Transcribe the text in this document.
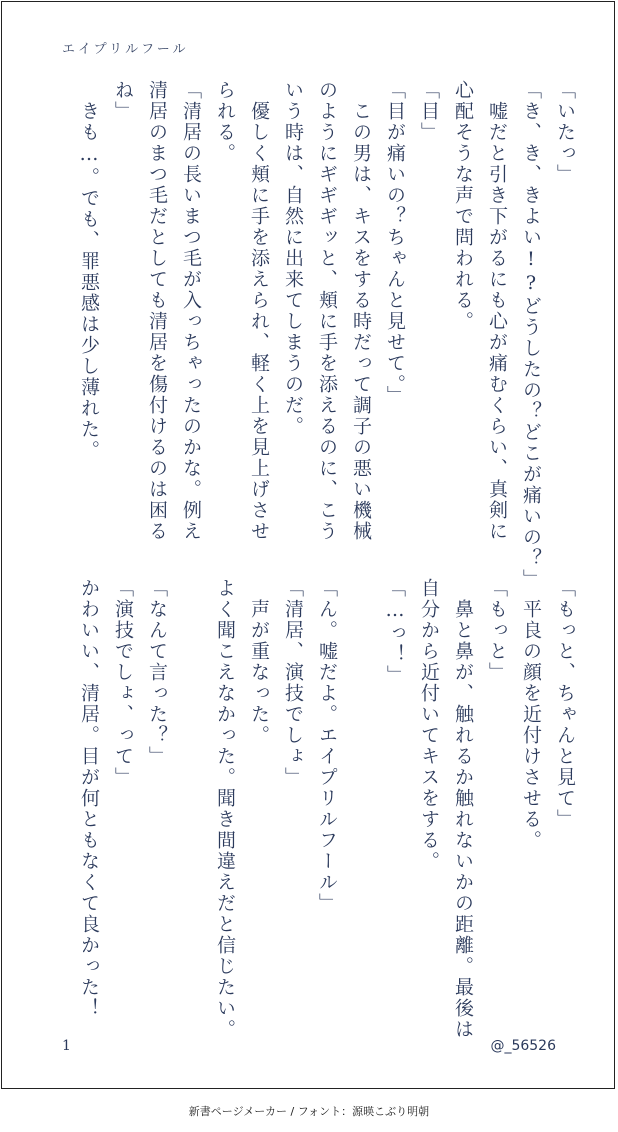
エイプリルフール
「いたっ」
「き、き、きよい!?どうしたの？どこが痛いの？」
　嘘だと引き下がるにも心が痛むくらい、真剣に
心配そうな声で問われる。
「目」
「目が痛いの？ちゃんと見せて。」
　この男は、キスをする時だって調子の悪い機械
のようにギギギッと、頬に手を添えるのに、こう
いう時は、自然に出来てしまうのだ。
　優しく頬に手を添えられ、軽く上を見上げさせ
られる。
「清居の長いまつ毛が入っちゃったのかな。例え
清居のまつ毛だとしても清居を傷付けるのは困る
ね」
　きも…。でも、罪悪感は少し薄れた。
「もっと、ちゃんと見て」
　平良の顔を近付けさせる。
「もっと」
　鼻と鼻が、触れるか触れないかの距離。最後は
自分から近付いてキスをする。
「…っ！」
「ん。嘘だよ。エイプリルフール」
「清居、演技でしょ」
　声が重なった。
よく聞こえなかった。聞き間違えだと信じたい。
「なんて言った？」
「演技でしょ、って」
かわいい、清居。目が何ともなくて良かった！
1	@_56526
新書ページメーカー / フォント：源暎こぶり明朝
